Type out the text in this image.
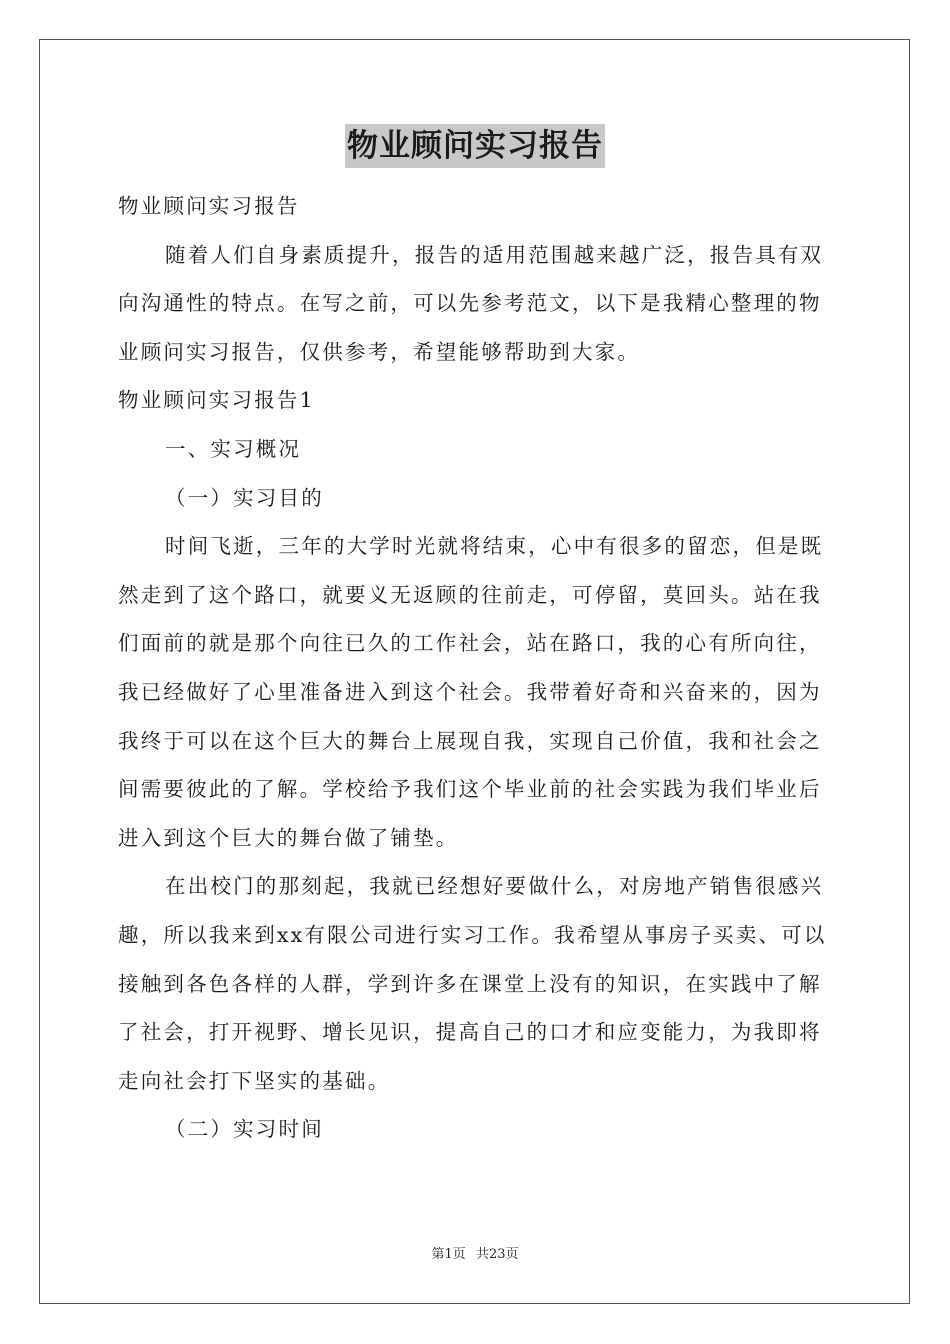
物业顾问实习报告

物业顾问实习报告

随着人们自身素质提升，报告的适用范围越来越广泛，报告具有双向沟通性的特点。在写之前，可以先参考范文，以下是我精心整理的物业顾问实习报告，仅供参考，希望能够帮助到大家。

物业顾问实习报告1

一、实习概况

（一）实习目的

时间飞逝，三年的大学时光就将结束，心中有很多的留恋，但是既然走到了这个路口，就要义无返顾的往前走，可停留，莫回头。站在我们面前的就是那个向往已久的工作社会，站在路口，我的心有所向往，我已经做好了心里准备进入到这个社会。我带着好奇和兴奋来的，因为我终于可以在这个巨大的舞台上展现自我，实现自己价值，我和社会之间需要彼此的了解。学校给予我们这个毕业前的社会实践为我们毕业后进入到这个巨大的舞台做了铺垫。

在出校门的那刻起，我就已经想好要做什么，对房地产销售很感兴趣，所以我来到xx有限公司进行实习工作。我希望从事房子买卖、可以接触到各色各样的人群，学到许多在课堂上没有的知识，在实践中了解了社会，打开视野、增长见识，提高自己的口才和应变能力，为我即将走向社会打下坚实的基础。

（二）实习时间

第1页 共23页
